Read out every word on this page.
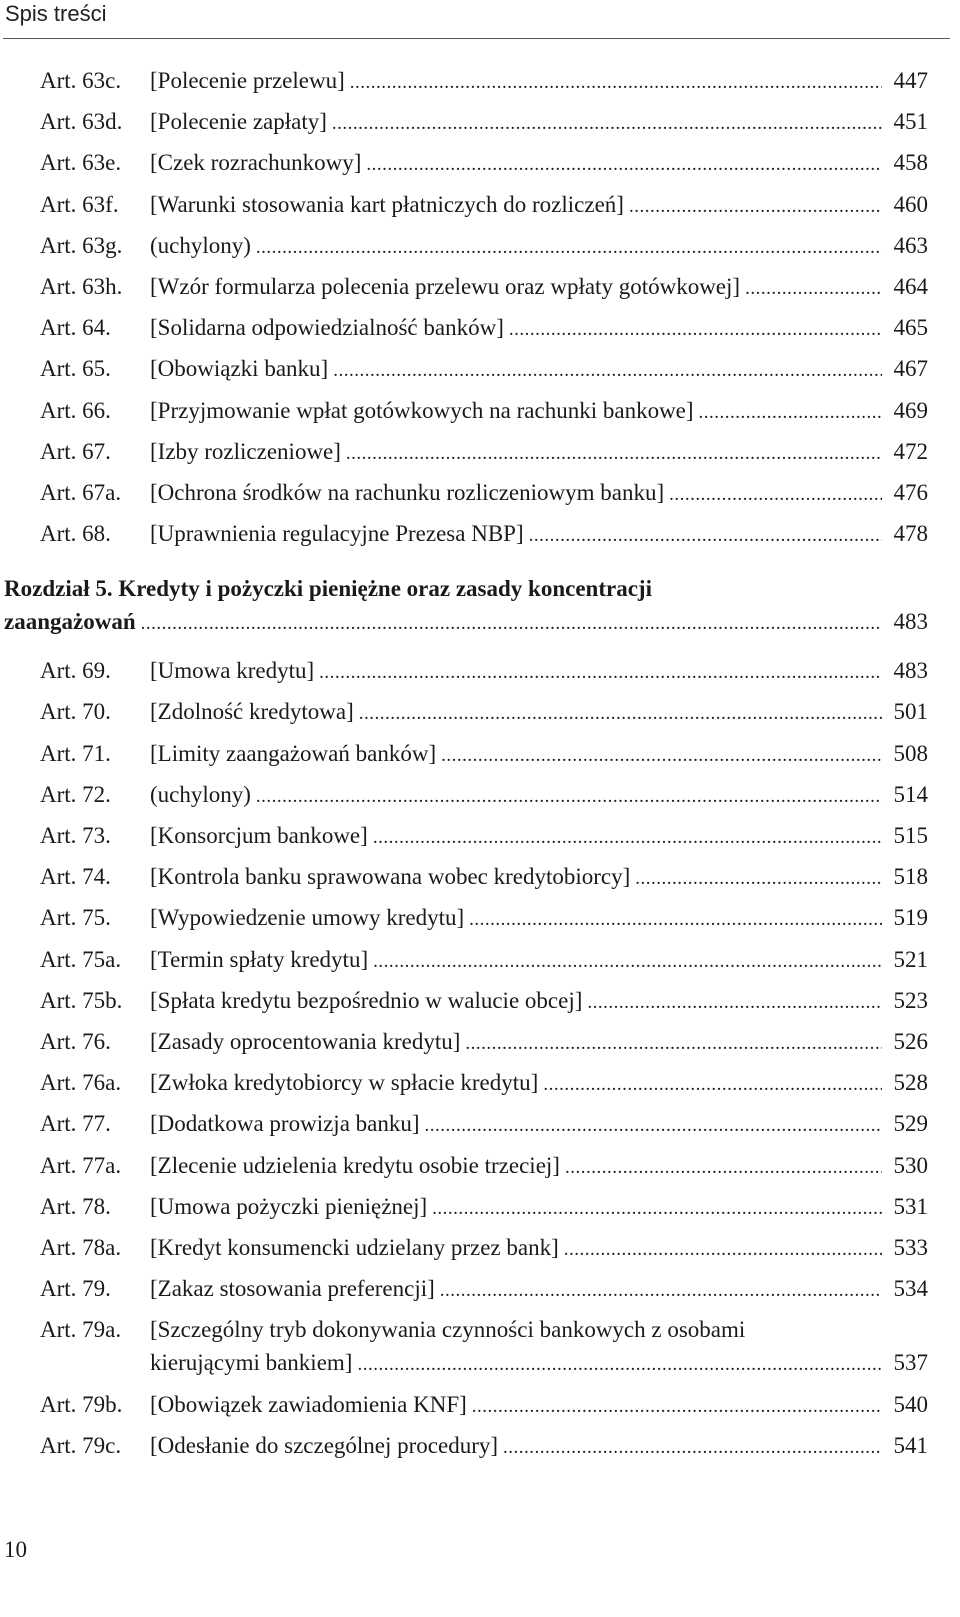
Spis treści
Art. 63c. [Polecenie przelewu] .....	447
Art. 63d. [Polecenie zapłaty] .....	451
Art. 63e. [Czek rozrachunkowy] .....	458
Art. 63f. [Warunki stosowania kart płatniczych do rozliczeń] .....	460
Art. 63g. (uchylony) .....	463
Art. 63h. [Wzór formularza polecenia przelewu oraz wpłaty gotówkowej] .....	464
Art. 64. [Solidarna odpowiedzialność banków] .....	465
Art. 65. [Obowiązki banku] .....	467
Art. 66. [Przyjmowanie wpłat gotówkowych na rachunki bankowe] .....	469
Art. 67. [Izby rozliczeniowe] .....	472
Art. 67a. [Ochrona środków na rachunku rozliczeniowym banku] .....	476
Art. 68. [Uprawnienia regulacyjne Prezesa NBP] .....	478
Rozdział 5. Kredyty i pożyczki pieniężne oraz zasady koncentracji
zaangażowań .....	483
Art. 69. [Umowa kredytu] .....	483
Art. 70. [Zdolność kredytowa] .....	501
Art. 71. [Limity zaangażowań banków] .....	508
Art. 72. (uchylony) .....	514
Art. 73. [Konsorcjum bankowe] .....	515
Art. 74. [Kontrola banku sprawowana wobec kredytobiorcy] .....	518
Art. 75. [Wypowiedzenie umowy kredytu] .....	519
Art. 75a. [Termin spłaty kredytu] .....	521
Art. 75b. [Spłata kredytu bezpośrednio w walucie obcej] .....	523
Art. 76. [Zasady oprocentowania kredytu] .....	526
Art. 76a. [Zwłoka kredytobiorcy w spłacie kredytu] .....	528
Art. 77. [Dodatkowa prowizja banku] .....	529
Art. 77a. [Zlecenie udzielenia kredytu osobie trzeciej] .....	530
Art. 78. [Umowa pożyczki pieniężnej] .....	531
Art. 78a. [Kredyt konsumencki udzielany przez bank] .....	533
Art. 79. [Zakaz stosowania preferencji] .....	534
Art. 79a. [Szczególny tryb dokonywania czynności bankowych z osobami
kierującymi bankiem] .....	537
Art. 79b. [Obowiązek zawiadomienia KNF] .....	540
Art. 79c. [Odesłanie do szczególnej procedury] .....	541
10
